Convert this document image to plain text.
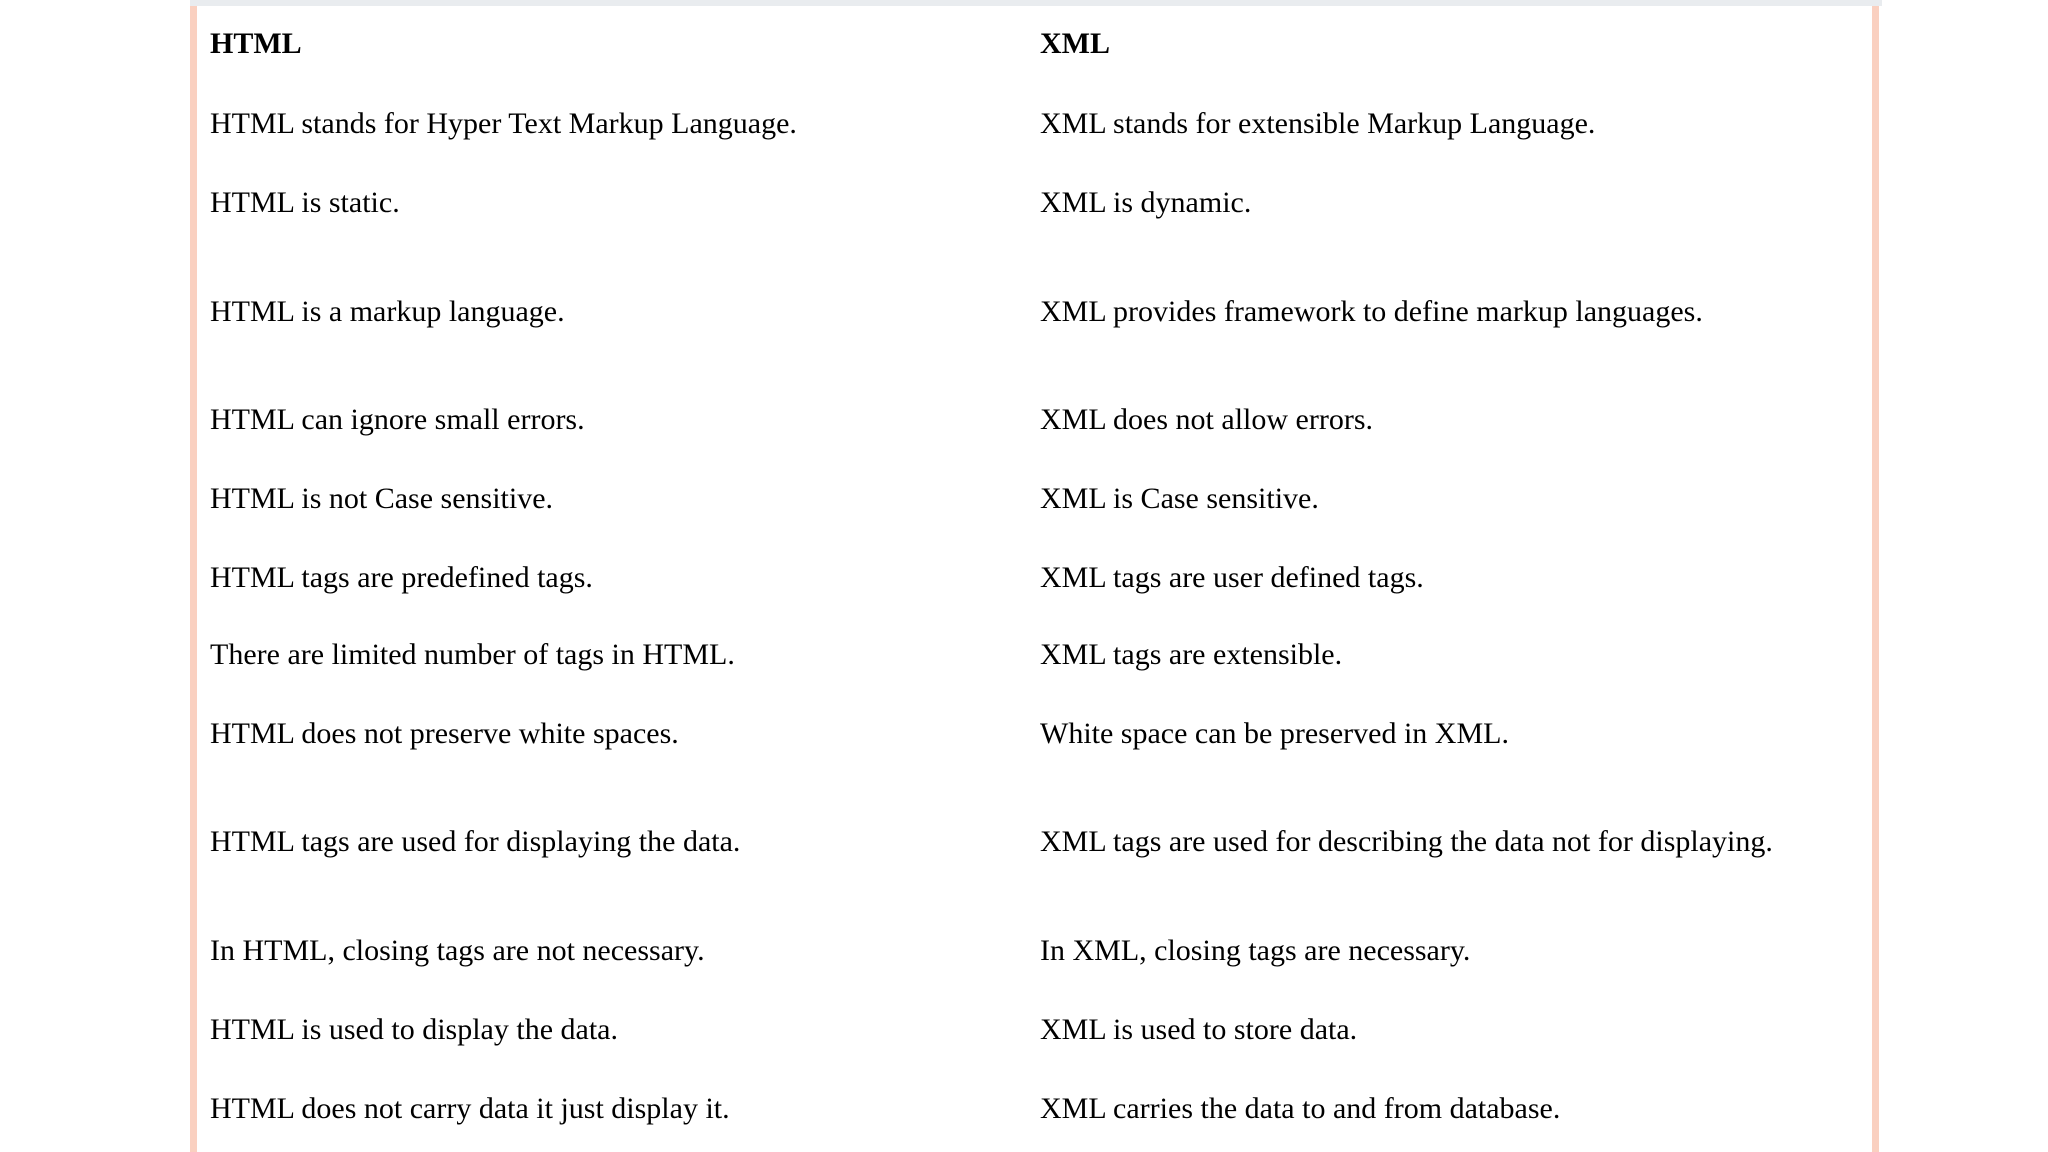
HTML	XML
HTML stands for Hyper Text Markup Language.	XML stands for extensible Markup Language.
HTML is static.	XML is dynamic.
HTML is a markup language.	XML provides framework to define markup languages.
HTML can ignore small errors.	XML does not allow errors.
HTML is not Case sensitive.	XML is Case sensitive.
HTML tags are predefined tags.	XML tags are user defined tags.
There are limited number of tags in HTML.	XML tags are extensible.
HTML does not preserve white spaces.	White space can be preserved in XML.
HTML tags are used for displaying the data.	XML tags are used for describing the data not for displaying.
In HTML, closing tags are not necessary.	In XML, closing tags are necessary.
HTML is used to display the data.	XML is used to store data.
HTML does not carry data it just display it.	XML carries the data to and from database.
